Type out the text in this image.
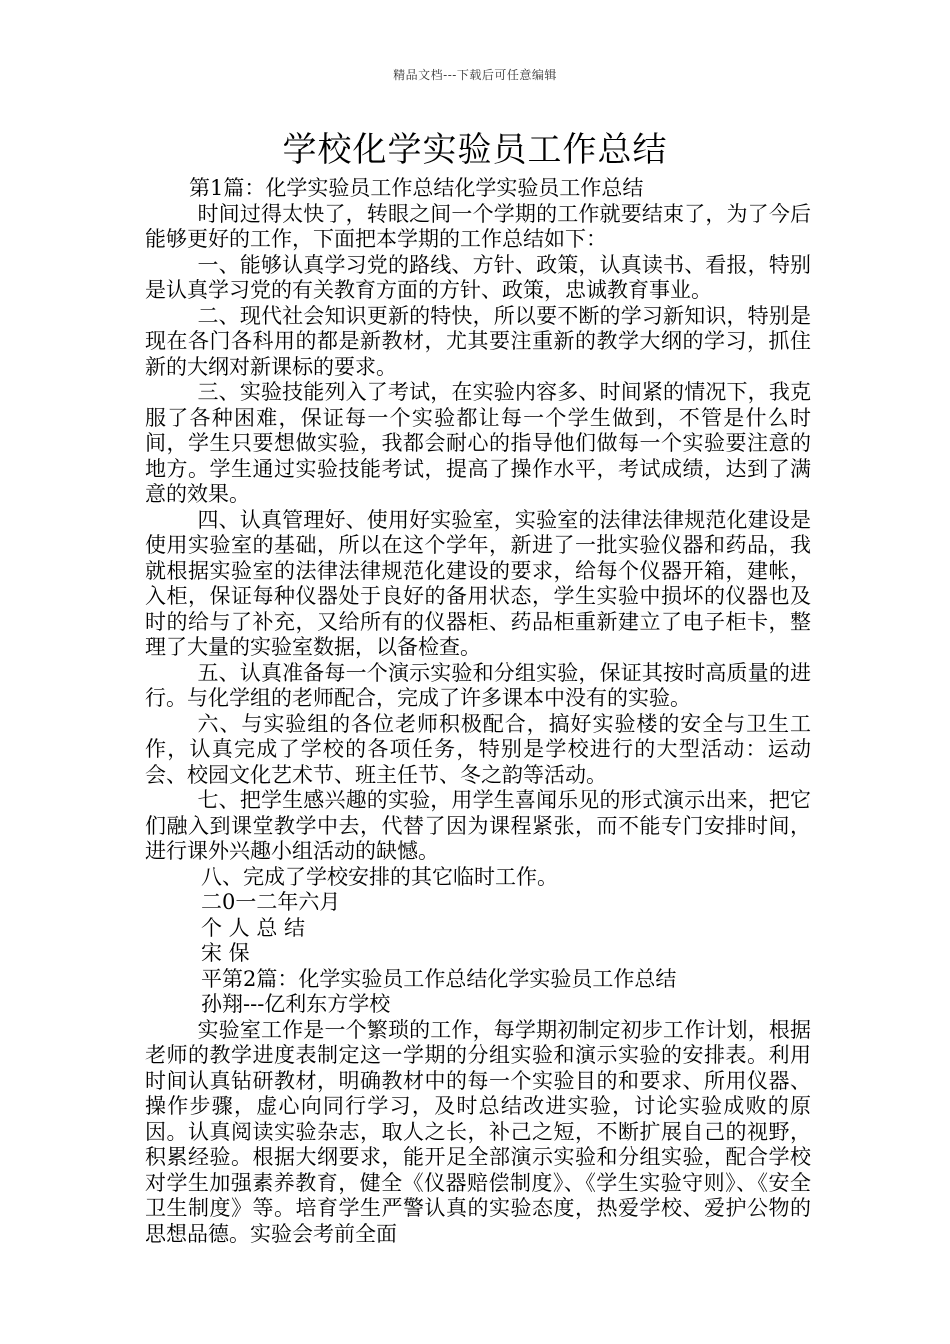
精品文档---下载后可任意编辑
学校化学实验员工作总结

第1篇：化学实验员工作总结化学实验员工作总结

时间过得太快了，转眼之间一个学期的工作就要结束了，为了今后能够更好的工作，下面把本学期的工作总结如下：

一、能够认真学习党的路线、方针、政策，认真读书、看报，特别是认真学习党的有关教育方面的方针、政策，忠诚教育事业。

二、现代社会知识更新的特快，所以要不断的学习新知识，特别是现在各门各科用的都是新教材，尤其要注重新的教学大纲的学习，抓住新的大纲对新课标的要求。

三、实验技能列入了考试，在实验内容多、时间紧的情况下，我克服了各种困难，保证每一个实验都让每一个学生做到，不管是什么时间，学生只要想做实验，我都会耐心的指导他们做每一个实验要注意的地方。学生通过实验技能考试，提高了操作水平，考试成绩，达到了满意的效果。

四、认真管理好、使用好实验室，实验室的法律法律规范化建设是使用实验室的基础，所以在这个学年，新进了一批实验仪器和药品，我就根据实验室的法律法律规范化建设的要求，给每个仪器开箱，建帐，入柜，保证每种仪器处于良好的备用状态，学生实验中损坏的仪器也及时的给与了补充，又给所有的仪器柜、药品柜重新建立了电子柜卡，整理了大量的实验室数据，以备检查。

五、认真准备每一个演示实验和分组实验，保证其按时高质量的进行。与化学组的老师配合，完成了许多课本中没有的实验。

六、与实验组的各位老师积极配合，搞好实验楼的安全与卫生工作，认真完成了学校的各项任务，特别是学校进行的大型活动：运动会、校园文化艺术节、班主任节、冬之韵等活动。

七、把学生感兴趣的实验，用学生喜闻乐见的形式演示出来，把它们融入到课堂教学中去，代替了因为课程紧张，而不能专门安排时间，进行课外兴趣小组活动的缺憾。

八、完成了学校安排的其它临时工作。

二0一二年六月

个 人 总 结

宋 保

平第2篇：化学实验员工作总结化学实验员工作总结

孙翔---亿利东方学校

实验室工作是一个繁琐的工作，每学期初制定初步工作计划，根据老师的教学进度表制定这一学期的分组实验和演示实验的安排表。利用时间认真钻研教材，明确教材中的每一个实验目的和要求、所用仪器、操作步骤，虚心向同行学习，及时总结改进实验，讨论实验成败的原因。认真阅读实验杂志，取人之长，补己之短，不断扩展自己的视野，积累经验。根据大纲要求，能开足全部演示实验和分组实验，配合学校对学生加强素养教育，健全《仪器赔偿制度》、《学生实验守则》、《安全卫生制度》等。培育学生严警认真的实验态度，热爱学校、爱护公物的思想品德。实验会考前全面
